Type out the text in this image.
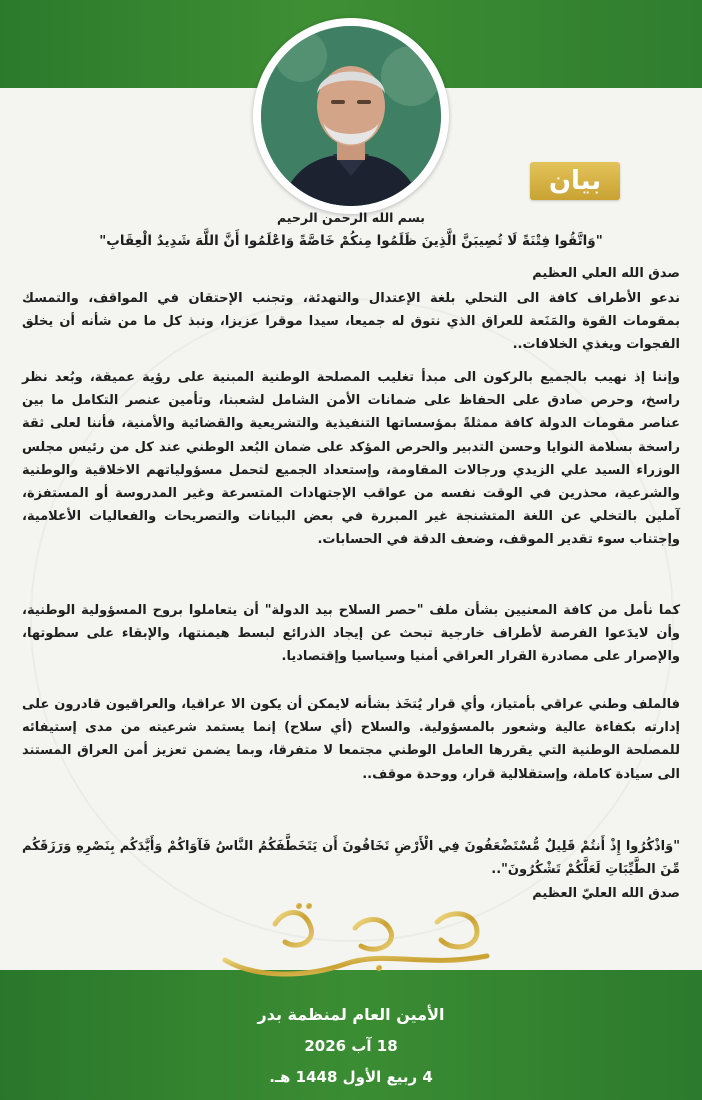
بيان
بسم الله الرحمن الرحيم
"وَاتَّقُوا فِتْنَةً لَا تُصِيبَنَّ الَّذِينَ ظَلَمُوا مِنكُمْ خَاصَّةً وَاعْلَمُوا أَنَّ اللَّهَ شَدِيدُ الْعِقَابِ"
صدق الله العلي العظيم
ندعو الأطراف كافة الى التحلي بلغة الإعتدال والتهدئة، وتجنب الإحتقان في المواقف، والتمسك بمقومات القوة والمَنَعة للعراق الذي نتوق له جميعا، سيدا موقرا عزيزا، ونبذ كل ما من شأنه أن يخلق الفجوات ويغذي الخلافات..
وإننا إذ نهيب بالجميع بالركون الى مبدأ تغليب المصلحة الوطنية المبنية على رؤية عميقة، وبُعد نظر راسخ، وحرص صادق على الحفاظ على ضمانات الأمن الشامل لشعبنا، وتأمين عنصر التكامل ما بين عناصر مقومات الدولة كافة ممثلةً بمؤسساتها التنفيذية والتشريعية والقضائية والأمنية، فأننا لعلى ثقة راسخة بسلامة النوايا وحسن التدبير والحرص المؤكد على ضمان البُعد الوطني عند كل من رئيس مجلس الوزراء السيد علي الزيدي ورجالات المقاومة، وإستعداد الجميع لتحمل مسؤولياتهم الاخلاقية والوطنية والشرعية، محذرين في الوقت نفسه من عواقب الإجتهادات المتسرعة وغير المدروسة أو المستفزة، آملين بالتخلي عن اللغة المتشنجة غير المبررة في بعض البيانات والتصريحات والفعاليات الأعلامية، وإجتناب سوء تقدير الموقف، وضعف الدقة في الحسابات.
كما نأمل من كافة المعنيين بشأن ملف "حصر السلاح بيد الدولة" أن يتعاملوا بروح المسؤولية الوطنية، وأن لايدَعوا الفرصة لأطراف خارجية تبحث عن إيجاد الذرائع لبسط هيمنتها، والإبقاء على سطوتها، والإصرار على مصادرة القرار العراقي أمنيا وسياسيا وإقتصاديا.
فالملف وطني عراقي بأمتياز، وأي قرار يُتخَذ بشأنه لايمكن أن يكون الا عراقيا، والعراقيون قادرون على إدارته بكفاءة عالية وشعور بالمسؤولية. والسلاح (أي سلاح) إنما يستمد شرعيته من مدى إستيفائه للمصلحة الوطنية التي يقررها العامل الوطني مجتمعا لا متفرقا، وبما يضمن تعزيز أمن العراق المستند الى سيادة كاملة، وإستقلالية قرار، ووحدة موقف..
"وَاذْكُرُوا إِذْ أَنتُمْ قَلِيلٌ مُّسْتَضْعَفُونَ فِي الْأَرْضِ تَخَافُونَ أَن يَتَخَطَّفَكُمُ النَّاسُ فَآوَاكُمْ وَأَيَّدَكُم بِنَصْرِهِ وَرَزَقَكُم مِّنَ الطَّيِّبَاتِ لَعَلَّكُمْ تَشْكُرُونَ"..
صدق الله العليّ العظيم
الأمين العام لمنظمة بدر
18 آب 2026
4 ربيع الأول 1448 هـ.
